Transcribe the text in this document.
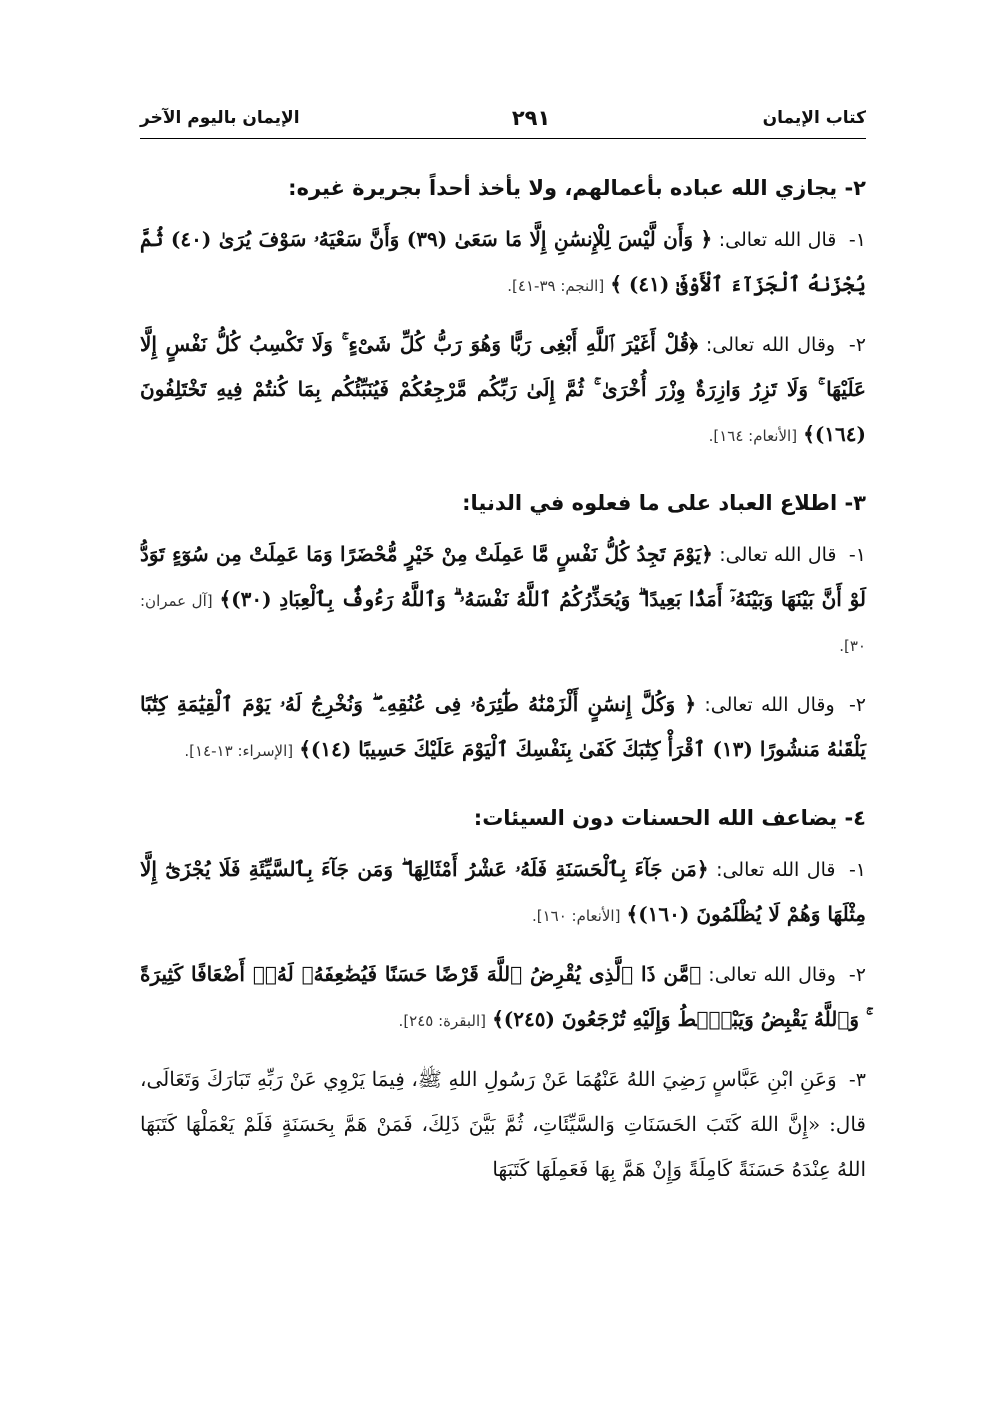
كتاب الإيمان
٢٩١
الإيمان باليوم الآخر
٢- يجازي الله عباده بأعمالهم، ولا يأخذ أحداً بجريرة غيره:
١- قال الله تعالى: ﴿ وَأَن لَّيْسَ لِلْإِنسَٰنِ إِلَّا مَا سَعَىٰ (٣٩) وَأَنَّ سَعْيَهُۥ سَوْفَ يُرَىٰ (٤٠) ثُمَّ يُجْزَىٰهُ ٱلْجَزَآءَ ٱلْأَوْفَىٰ (٤١) ﴾ [النجم: ٣٩-٤١].
٢- وقال الله تعالى: ﴿قُلْ أَغَيْرَ ٱللَّهِ أَبْغِى رَبًّا وَهُوَ رَبُّ كُلِّ شَىْءٍ ۚ وَلَا تَكْسِبُ كُلُّ نَفْسٍ إِلَّا عَلَيْهَا ۚ وَلَا تَزِرُ وَازِرَةٌ وِزْرَ أُخْرَىٰ ۚ ثُمَّ إِلَىٰ رَبِّكُم مَّرْجِعُكُمْ فَيُنَبِّئُكُم بِمَا كُنتُمْ فِيهِ تَخْتَلِفُونَ (١٦٤)﴾ [الأنعام: ١٦٤].
٣- اطلاع العباد على ما فعلوه في الدنيا:
١- قال الله تعالى: ﴿يَوْمَ تَجِدُ كُلُّ نَفْسٍ مَّا عَمِلَتْ مِنْ خَيْرٍ مُّحْضَرًا وَمَا عَمِلَتْ مِن سُوٓءٍ تَوَدُّ لَوْ أَنَّ بَيْنَهَا وَبَيْنَهُۥٓ أَمَدًۢا بَعِيدًا ۗ وَيُحَذِّرُكُمُ ٱللَّهُ نَفْسَهُۥ ۗ وَٱللَّهُ رَءُوفٌۢ بِٱلْعِبَادِ (٣٠)﴾ [آل عمران: ٣٠].
٢- وقال الله تعالى: ﴿ وَكُلَّ إِنسَٰنٍ أَلْزَمْنَٰهُ طَٰٓئِرَهُۥ فِى عُنُقِهِۦ ۖ وَنُخْرِجُ لَهُۥ يَوْمَ ٱلْقِيَٰمَةِ كِتَٰبًا يَلْقَىٰهُ مَنشُورًا (١٣) ٱقْرَأْ كِتَٰبَكَ كَفَىٰ بِنَفْسِكَ ٱلْيَوْمَ عَلَيْكَ حَسِيبًا (١٤)﴾ [الإسراء: ١٣-١٤].
٤- يضاعف الله الحسنات دون السيئات:
١- قال الله تعالى: ﴿مَن جَآءَ بِٱلْحَسَنَةِ فَلَهُۥ عَشْرُ أَمْثَالِهَا ۖ وَمَن جَآءَ بِٱلسَّيِّئَةِ فَلَا يُجْزَىٰٓ إِلَّا مِثْلَهَا وَهُمْ لَا يُظْلَمُونَ (١٦٠)﴾ [الأنعام: ١٦٠].
٢- وقال الله تعالى: ﴿مَّن ذَا ٱلَّذِى يُقْرِضُ ٱللَّهَ قَرْضًا حَسَنًا فَيُضَٰعِفَهُۥ لَهُۥٓ أَضْعَافًا كَثِيرَةً ۚ وَٱللَّهُ يَقْبِضُ وَيَبْصُۜطُ وَإِلَيْهِ تُرْجَعُونَ (٢٤٥)﴾ [البقرة: ٢٤٥].
٣- وَعَنِ ابْنِ عَبَّاسٍ رَضِيَ اللهُ عَنْهُمَا عَنْ رَسُولِ اللهِ ﷺ، فِيمَا يَرْوِي عَنْ رَبِّهِ تَبَارَكَ وَتَعَالَى، قال: «إِنَّ اللهَ كَتَبَ الحَسَنَاتِ وَالسَّيِّئَاتِ، ثُمَّ بَيَّنَ ذَلِكَ، فَمَنْ هَمَّ بِحَسَنَةٍ فَلَمْ يَعْمَلْهَا كَتَبَهَا اللهُ عِنْدَهُ حَسَنَةً كَامِلَةً وَإِنْ هَمَّ بِهَا فَعَمِلَهَا كَتَبَهَا
